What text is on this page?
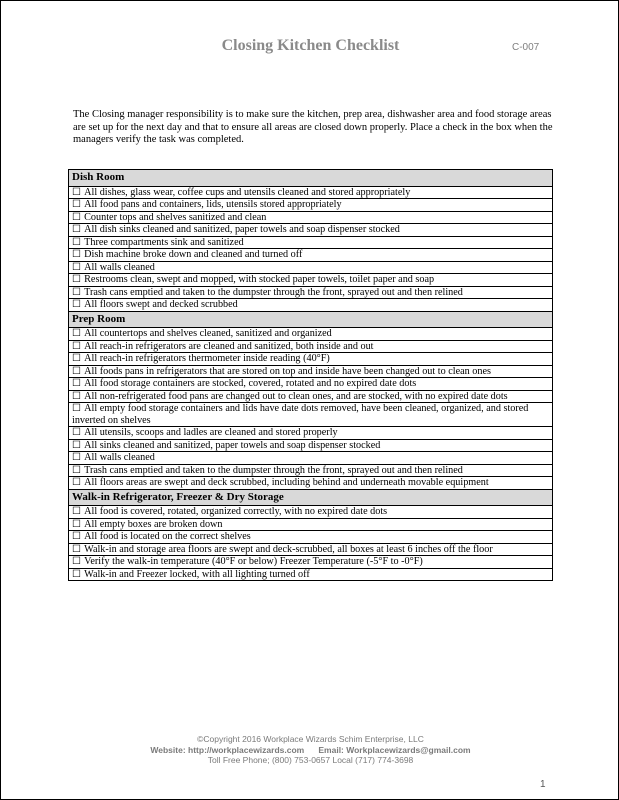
Closing Kitchen Checklist	C-007
The Closing manager responsibility is to make sure the kitchen, prep area, dishwasher area and food storage areas are set up for the next day and that to ensure all areas are closed down properly. Place a check in the box when the managers verify the task was completed.
Dish Room
☐ All dishes, glass wear, coffee cups and utensils cleaned and stored appropriately
☐ All food pans and containers, lids, utensils stored appropriately
☐ Counter tops and shelves sanitized and clean
☐ All dish sinks cleaned and sanitized, paper towels and soap dispenser stocked
☐ Three compartments sink and sanitized
☐ Dish machine broke down and cleaned and turned off
☐ All walls cleaned
☐ Restrooms clean, swept and mopped, with stocked paper towels, toilet paper and soap
☐ Trash cans emptied and taken to the dumpster through the front, sprayed out and then relined
☐ All floors swept and decked scrubbed
Prep Room
☐ All countertops and shelves cleaned, sanitized and organized
☐ All reach-in refrigerators are cleaned and sanitized, both inside and out
☐ All reach-in refrigerators thermometer inside reading (40°F)
☐ All foods pans in refrigerators that are stored on top and inside have been changed out to clean ones
☐ All food storage containers are stocked, covered, rotated and no expired date dots
☐ All non-refrigerated food pans are changed out to clean ones, and are stocked, with no expired date dots
☐ All empty food storage containers and lids have date dots removed, have been cleaned, organized, and stored inverted on shelves
☐ All utensils, scoops and ladles are cleaned and stored properly
☐ All sinks cleaned and sanitized, paper towels and soap dispenser stocked
☐ All walls cleaned
☐ Trash cans emptied and taken to the dumpster through the front, sprayed out and then relined
☐ All floors areas are swept and deck scrubbed, including behind and underneath movable equipment
Walk-in Refrigerator, Freezer & Dry Storage
☐ All food is covered, rotated, organized correctly, with no expired date dots
☐ All empty boxes are broken down
☐ All food is located on the correct shelves
☐ Walk-in and storage area floors are swept and deck-scrubbed, all boxes at least 6 inches off the floor
☐ Verify the walk-in temperature (40°F or below) Freezer Temperature (-5°F to -0°F)
☐ Walk-in and Freezer locked, with all lighting turned off
©Copyright 2016 Workplace Wizards Schim Enterprise, LLC
Website: http://workplacewizards.com      Email: Workplacewizards@gmail.com
Toll Free Phone; (800) 753-0657 Local (717) 774-3698
1
